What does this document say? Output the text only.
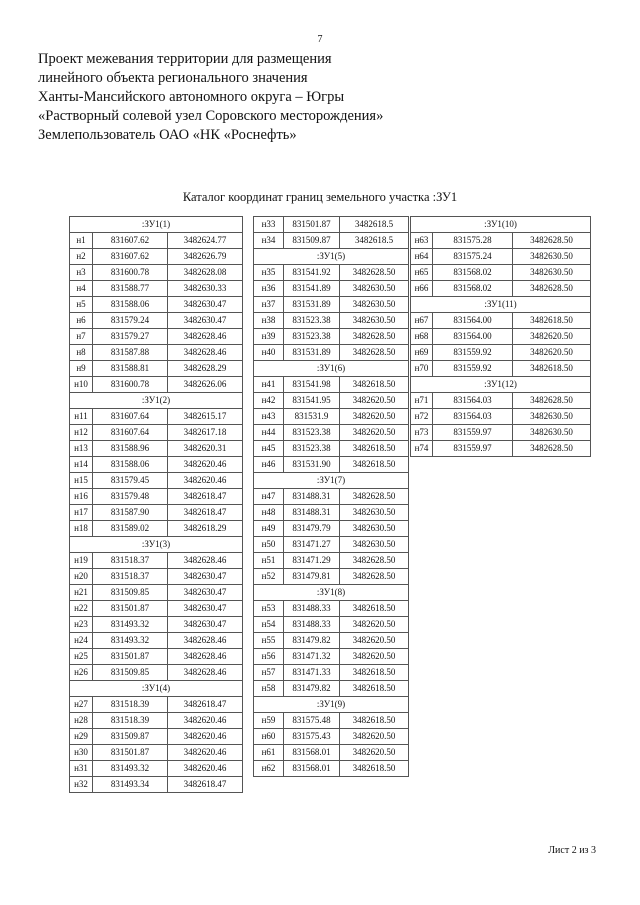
7
Проект межевания территории для размещения
линейного объекта регионального значения
Ханты-Мансийского автономного округа – Югры
«Растворный солевой узел Соровского месторождения»
Землепользователь ОАО «НК «Роснефть»
Каталог координат границ земельного участка :ЗУ1
:ЗУ1(1)		
н1	831607.62	3482624.77
н2	831607.62	3482626.79
н3	831600.78	3482628.08
н4	831588.77	3482630.33
н5	831588.06	3482630.47
н6	831579.24	3482630.47
н7	831579.27	3482628.46
н8	831587.88	3482628.46
н9	831588.81	3482628.29
н10	831600.78	3482626.06
:ЗУ1(2)		
н11	831607.64	3482615.17
н12	831607.64	3482617.18
н13	831588.96	3482620.31
н14	831588.06	3482620.46
н15	831579.45	3482620.46
н16	831579.48	3482618.47
н17	831587.90	3482618.47
н18	831589.02	3482618.29
:ЗУ1(3)		
н19	831518.37	3482628.46
н20	831518.37	3482630.47
н21	831509.85	3482630.47
н22	831501.87	3482630.47
н23	831493.32	3482630.47
н24	831493.32	3482628.46
н25	831501.87	3482628.46
н26	831509.85	3482628.46
:ЗУ1(4)		
н27	831518.39	3482618.47
н28	831518.39	3482620.46
н29	831509.87	3482620.46
н30	831501.87	3482620.46
н31	831493.32	3482620.46
н32	831493.34	3482618.47
н33	831501.87	3482618.5
н34	831509.87	3482618.5
:ЗУ1(5)		
н35	831541.92	3482628.50
н36	831541.89	3482630.50
н37	831531.89	3482630.50
н38	831523.38	3482630.50
н39	831523.38	3482628.50
н40	831531.89	3482628.50
:ЗУ1(6)		
н41	831541.98	3482618.50
н42	831541.95	3482620.50
н43	831531.9	3482620.50
н44	831523.38	3482620.50
н45	831523.38	3482618.50
н46	831531.90	3482618.50
:ЗУ1(7)		
н47	831488.31	3482628.50
н48	831488.31	3482630.50
н49	831479.79	3482630.50
н50	831471.27	3482630.50
н51	831471.29	3482628.50
н52	831479.81	3482628.50
:ЗУ1(8)		
н53	831488.33	3482618.50
н54	831488.33	3482620.50
н55	831479.82	3482620.50
н56	831471.32	3482620.50
н57	831471.33	3482618.50
н58	831479.82	3482618.50
:ЗУ1(9)		
н59	831575.48	3482618.50
н60	831575.43	3482620.50
н61	831568.01	3482620.50
н62	831568.01	3482618.50
:ЗУ1(10)		
н63	831575.28	3482628.50
н64	831575.24	3482630.50
н65	831568.02	3482630.50
н66	831568.02	3482628.50
:ЗУ1(11)		
н67	831564.00	3482618.50
н68	831564.00	3482620.50
н69	831559.92	3482620.50
н70	831559.92	3482618.50
:ЗУ1(12)		
н71	831564.03	3482628.50
н72	831564.03	3482630.50
н73	831559.97	3482630.50
н74	831559.97	3482628.50
Лист 2 из 3
